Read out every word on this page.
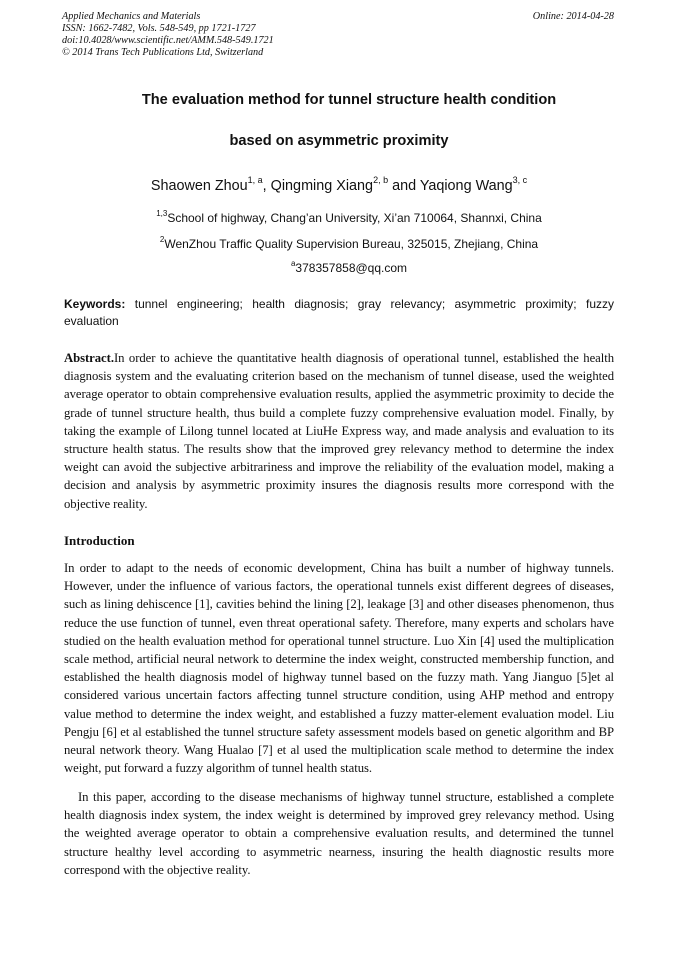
Applied Mechanics and Materials
ISSN: 1662-7482, Vols. 548-549, pp 1721-1727
doi:10.4028/www.scientific.net/AMM.548-549.1721
© 2014 Trans Tech Publications Ltd, Switzerland
Online: 2014-04-28
The evaluation method for tunnel structure health condition
based on asymmetric proximity
Shaowen Zhou$^{1, a}$, Qingming Xiang$^{2, b}$ and Yaqiong Wang$^{3, c}$
$^{1,3}$School of highway, Chang’an University, Xi’an 710064, Shannxi, China
$^2$WenZhou Traffic Quality Supervision Bureau, 325015, Zhejiang, China
$^a$378357858@qq.com
Keywords: tunnel engineering; health diagnosis; gray relevancy; asymmetric proximity; fuzzy evaluation
Abstract.In order to achieve the quantitative health diagnosis of operational tunnel, established the health diagnosis system and the evaluating criterion based on the mechanism of tunnel disease, used the weighted average operator to obtain comprehensive evaluation results, applied the asymmetric proximity to decide the grade of tunnel structure health, thus build a complete fuzzy comprehensive evaluation model. Finally, by taking the example of Lilong tunnel located at LiuHe Express way, and made analysis and evaluation to its structure health status. The results show that the improved grey relevancy method to determine the index weight can avoid the subjective arbitrariness and improve the reliability of the evaluation model, making a decision and analysis by asymmetric proximity insures the diagnosis results more correspond with the objective reality.
Introduction
In order to adapt to the needs of economic development, China has built a number of highway tunnels. However, under the influence of various factors, the operational tunnels exist different degrees of diseases, such as lining dehiscence [1], cavities behind the lining [2], leakage [3] and other diseases phenomenon, thus reduce the use function of tunnel, even threat operational safety. Therefore, many experts and scholars have studied on the health evaluation method for operational tunnel structure. Luo Xin [4] used the multiplication scale method, artificial neural network to determine the index weight, constructed membership function, and established the health diagnosis model of highway tunnel based on the fuzzy math. Yang Jianguo [5]et al considered various uncertain factors affecting tunnel structure condition, using AHP method and entropy value method to determine the index weight, and established a fuzzy matter-element evaluation model. Liu Pengju [6] et al established the tunnel structure safety assessment models based on genetic algorithm and BP neural network theory. Wang Hualao [7] et al used the multiplication scale method to determine the index weight, put forward a fuzzy algorithm of tunnel health status.
In this paper, according to the disease mechanisms of highway tunnel structure, established a complete health diagnosis index system, the index weight is determined by improved grey relevancy method. Using the weighted average operator to obtain a comprehensive evaluation results, and determined the tunnel structure healthy level according to asymmetric nearness, insuring the health diagnostic results more correspond with the objective reality.
